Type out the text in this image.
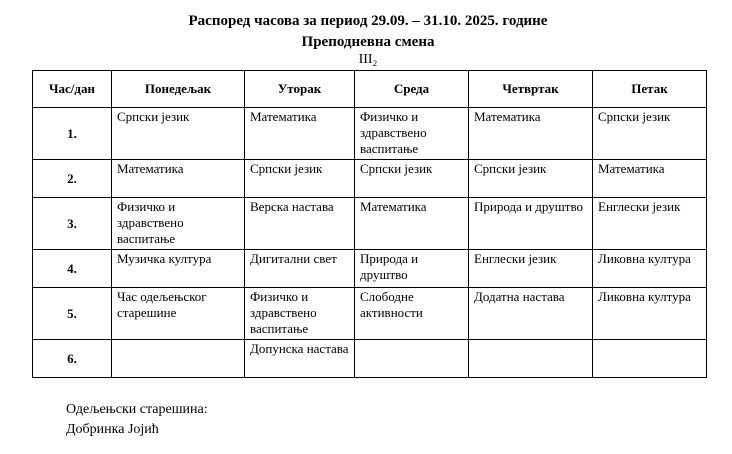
Распоред часова за период 29.09. – 31.10. 2025. године
Преподневна смена
III₂
Час/дан	Понедељак	Уторак	Среда	Четвртак	Петак
1.	Српски језик	Математика	Физичко и здравствено васпитање	Математика	Српски језик
2.	Математика	Српски језик	Српски језик	Српски језик	Математика
3.	Физичко и здравствено васпитање	Верска настава	Математика	Природа и друштво	Енглески језик
4.	Музичка култура	Дигитални свет	Природа и друштво	Енглески језик	Ликовна култура
5.	Час одељењског старешине	Физичко и здравствено васпитање	Слободне активности	Додатна настава	Ликовна култура
6.		Допунска настава			
Одељењски старешина:
Добринка Јојић
